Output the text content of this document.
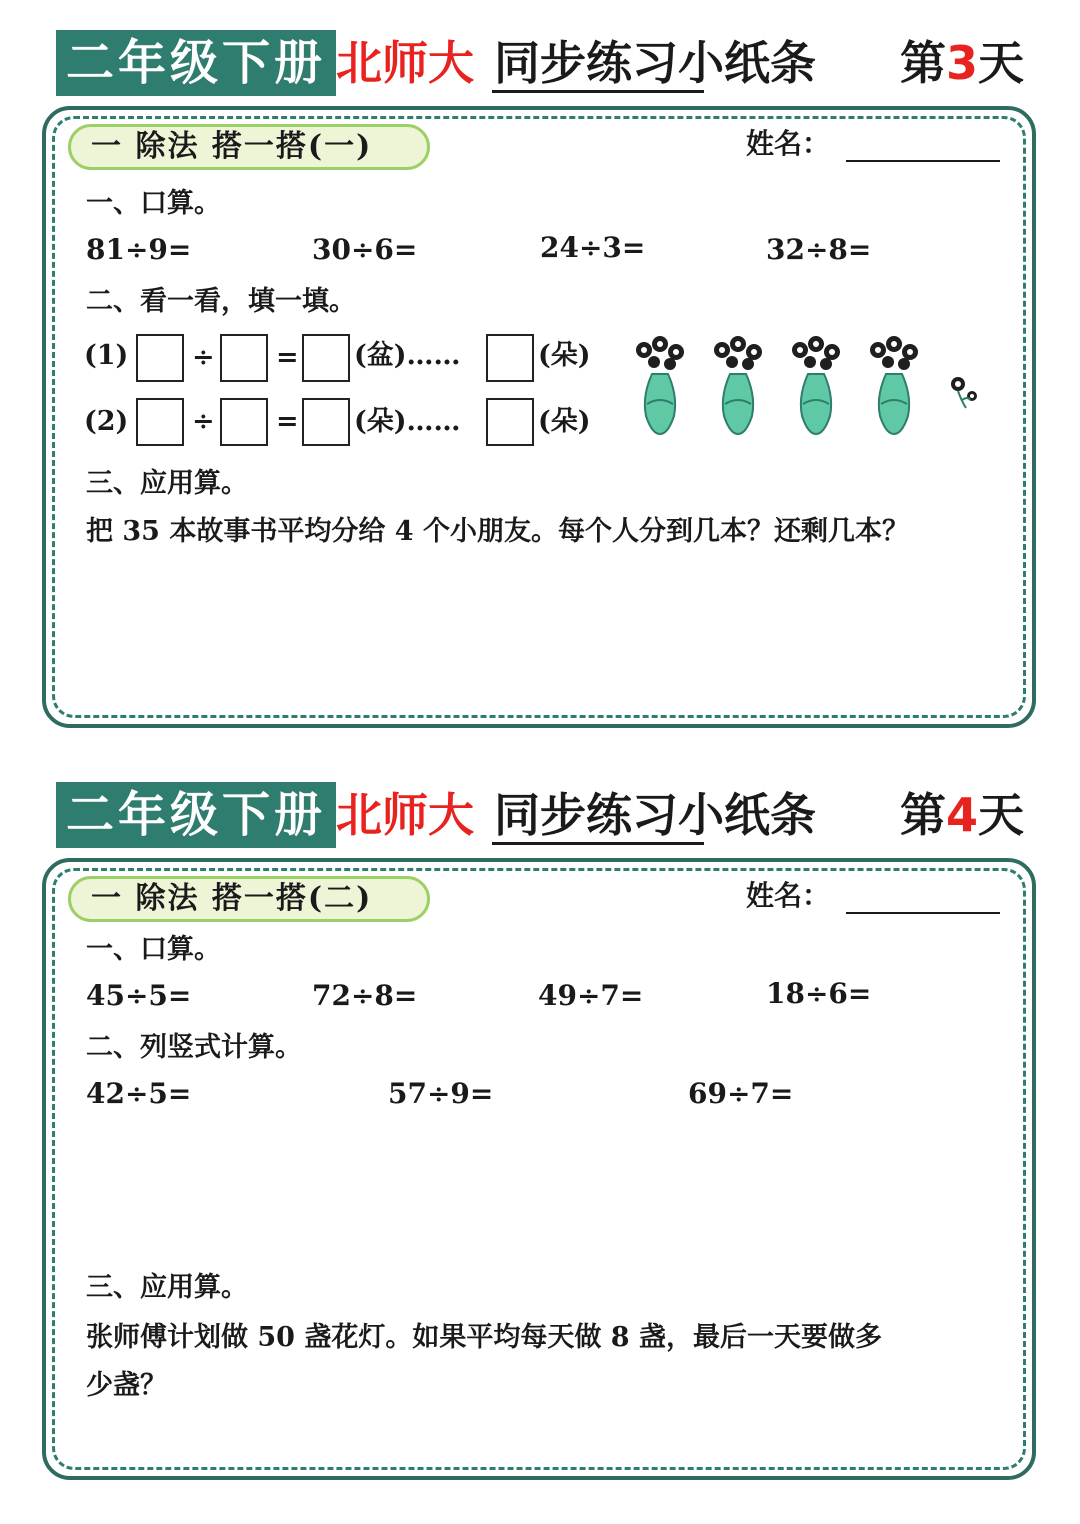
二年级下册 北师大 同步练习小纸条 第3天
一 除法 搭一搭(一)	姓名：
一、口算。
81÷9=	30÷6=	24÷3=	32÷8=
二、看一看，填一填。
(1) ÷ = (盆)……	(朵)
(2) ÷ = (朵)……	(朵)
三、应用算。
把 35 本故事书平均分给 4 个小朋友。每个人分到几本？还剩几本？
二年级下册 北师大 同步练习小纸条 第4天
一 除法 搭一搭(二)	姓名：
一、口算。
45÷5=	72÷8=	49÷7=	18÷6=
二、列竖式计算。
42÷5=	57÷9=	69÷7=
三、应用算。
张师傅计划做 50 盏花灯。如果平均每天做 8 盏，最后一天要做多
少盏？
